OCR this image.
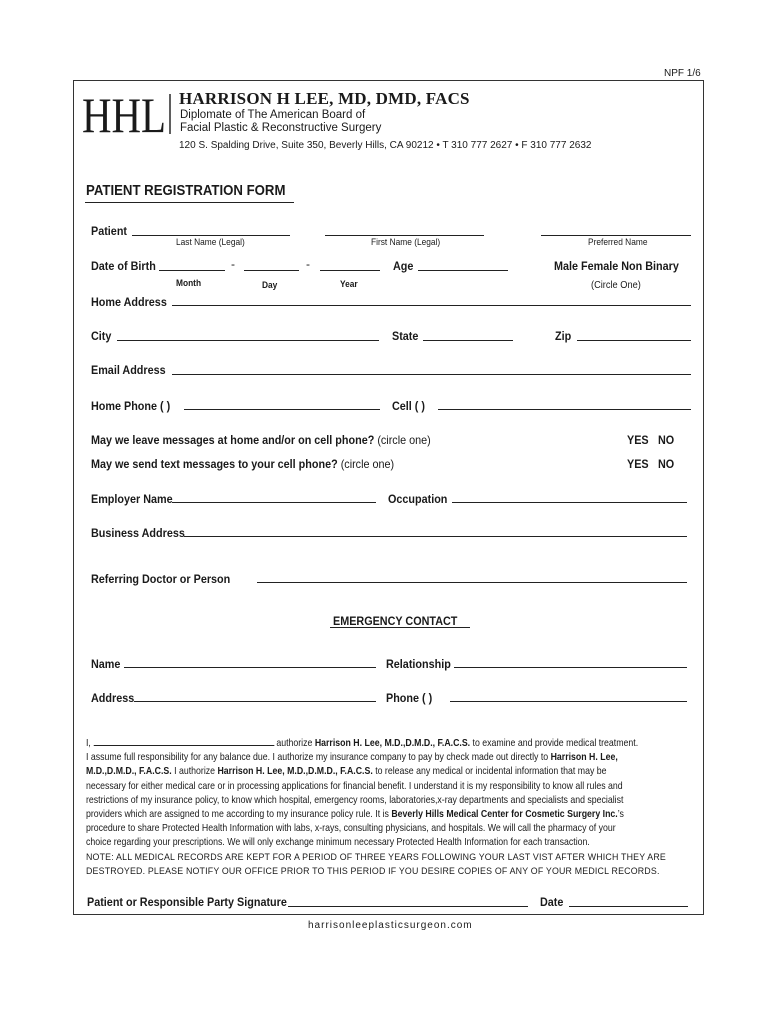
NPF 1/6
HHL HARRISON H LEE, MD, DMD, FACS
Diplomate of The American Board of
Facial Plastic & Reconstructive Surgery
120 S. Spalding Drive, Suite 350, Beverly Hills, CA 90212 • T 310 777 2627 • F 310 777 2632
PATIENT REGISTRATION FORM
Patient
Last Name (Legal)	First Name (Legal)	Preferred Name
Date of Birth	-	-	Age	Male Female Non Binary
Month	Day	Year	(Circle One)
Home Address
City	State	Zip
Email Address
Home Phone ( )	Cell ( )
May we leave messages at home and/or on cell phone? (circle one)	YES NO
May we send text messages to your cell phone? (circle one)	YES NO
Employer Name	Occupation
Business Address
Referring Doctor or Person
EMERGENCY CONTACT
Name	Relationship
Address	Phone ( )
I,	authorize Harrison H. Lee, M.D.,D.M.D., F.A.C.S. to examine and provide medical treatment.
I assume full responsibility for any balance due. I authorize my insurance company to pay by check made out directly to Harrison H. Lee,
M.D.,D.M.D., F.A.C.S. I authorize Harrison H. Lee, M.D.,D.M.D., F.A.C.S. to release any medical or incidental information that may be
necessary for either medical care or in processing applications for financial benefit. I understand it is my responsibility to know all rules and
restrictions of my insurance policy, to know which hospital, emergency rooms, laboratories,x-ray departments and specialists and specialist
providers which are assigned to me according to my insurance policy rule. It is Beverly Hills Medical Center for Cosmetic Surgery Inc.’s
procedure to share Protected Health Information with labs, x-rays, consulting physicians, and hospitals. We will call the pharmacy of your
choice regarding your prescriptions. We will only exchange minimum necessary Protected Health Information for each transaction.
NOTE: ALL MEDICAL RECORDS ARE KEPT FOR A PERIOD OF THREE YEARS FOLLOWING YOUR LAST VIST AFTER WHICH THEY ARE
DESTROYED. PLEASE NOTIFY OUR OFFICE PRIOR TO THIS PERIOD IF YOU DESIRE COPIES OF ANY OF YOUR MEDICL RECORDS.
Patient or Responsible Party Signature	Date
harrisonleeplasticsurgeon.com
